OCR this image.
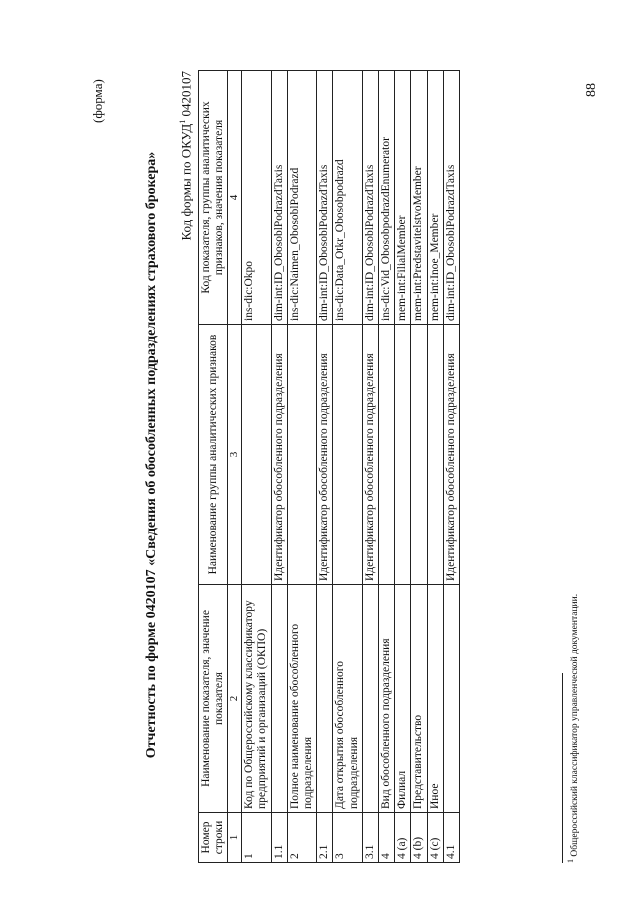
(форма)	88
Отчетность по форме 0420107 «Сведения об обособленных подразделениях страхового брокера» Код формы по ОКУД$^1$ 0420107
Номер строки	Наименование показателя, значение показателя	Наименование группы аналитических признаков	Код показателя, группы аналитических признаков, значения показателя
1	2	3	4
1	Код по Общероссийскому классификатору предприятий и организаций (ОКПО)		ins-dic:Okpo
1.1		Идентификатор обособленного подразделения	dim-int:ID_ObosoblPodrazdTaxis
2	Полное наименование обособленного подразделения		ins-dic:Naimen_ObosoblPodrazd
2.1		Идентификатор обособленного подразделения	dim-int:ID_ObosoblPodrazdTaxis
3	Дата открытия обособленного подразделения		ins-dic:Data_Otkr_Obosobpodrazd
3.1		Идентификатор обособленного подразделения	dim-int:ID_ObosoblPodrazdTaxis
4	Вид обособленного подразделения		ins-dic:Vid_ObosobpodrazdEnumerator
4 (a)	Филиал		mem-int:FilialMember
4 (b)	Представительство		mem-int:PredstavitelstvoMember
4 (c)	Иное		mem-int:Inoe_Member
4.1		Идентификатор обособленного подразделения	dim-int:ID_ObosoblPodrazdTaxis
$^1$ Общероссийский классификатор управленческой документации.
